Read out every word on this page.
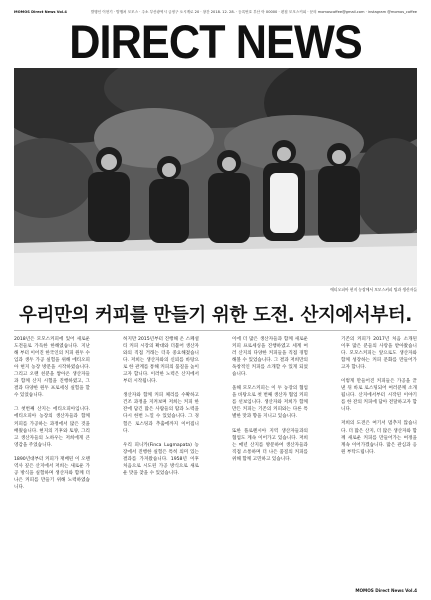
MOMOS Direct News Vol.4	발행인 이현기 · 발행처 모모스 · 주소 부산광역시 금정구 오시게로 20 · 창간 2018. 12. 28. · 등록번호 부산 아 00000 · 편집 모모스커피 · 문의 momoscoffee@gmail.com · instagram @momos_coffee
DIRECT NEWS
에티오피아 현지 농장에서 모모스커피 팀과 생산자들
우리만의 커피를 만들기 위한 도전. 산지에서부터.

2018년은 모모스커피에 있어 새로운 도전들로 가득한 한해였습니다. 지난해 부터 이어진 한국인의 커피 원두 수입과 생두 가공 실험을 위해 에티오피아 현지 농장 방문을 시작하였습니다. 그리고 오랜 친분을 쌓아온 생산자들과 함께 산지 시험을 진행하였고, 그 결과 다양한 원두 프로세싱 실험을 할 수 있었습니다.

그 첫번째 산지는 에티오피아입니다. 에티오피아 농장의 생산자들과 함께 커피를 가공하는 과정에서 많은 것을 배웠습니다. 현지의 기후와 토양, 그리고 생산자들의 노하우는 저희에게 큰 영감을 주었습니다.

1890년대부터 커피가 재배된 이 오랜 역사 깊은 산지에서 저희는 새로운 가공 방식을 실험하며 생산자와 함께 더 나은 커피를 만들기 위해 노력하였습니다.

허지만 2015년부터 진행해 온 스페셜티 커피 시장의 확대와 더불어 생산자와의 직접 거래는 더욱 중요해졌습니다. 저희는 생산자와의 신뢰를 바탕으로 한 관계를 통해 커피의 품질을 높이고자 합니다. 이러한 노력은 산지에서부터 시작됩니다.

생산자와 함께 커피 체리를 수확하고 건조 과정을 지켜보며 저희는 커피 한 잔에 담긴 많은 사람들의 땀과 노력을 다시 한번 느낄 수 있었습니다. 그 경험은 로스팅과 추출에까지 이어집니다.

우리 피니카(Finca Lugmapata) 농장에서 진행한 실험은 특히 의미 있는 결과를 가져왔습니다. 1958년 이후 처음으로 시도된 가공 방식으로 새로운 맛을 찾을 수 있었습니다.

이에 더 많은 생산자들과 함께 새로운 커피 프로세싱을 진행하였고 세계 여러 산지의 다양한 커피들을 직접 경험해볼 수 있었습니다. 그 결과 저희만의 독창적인 커피를 소개할 수 있게 되었습니다.

올해 모모스커피는 이 두 농장의 협업을 바탕으로 첫 번째 생산자 협업 커피를 선보입니다. 생산자와 저희가 함께 만든 커피는 기존의 커피와는 다른 특별한 맛과 향을 지니고 있습니다.

또한 플로렌시아 지역 생산자들과의 협업도 계속 이어가고 있습니다. 저희는 매년 산지를 방문하여 생산자들과 직접 소통하며 더 나은 품질의 커피를 위해 함께 고민하고 있습니다.

기존의 커피가 2017년 처음 소개된 이후 많은 분들의 사랑을 받아왔습니다. 모모스커피는 앞으로도 생산자와 함께 성장하는 커피 문화를 만들어가고자 합니다.

이렇게 만들어진 커피들은 가공을 끝낸 뒤 바로 로스팅되어 여러분께 소개됩니다. 산지에서부터 시작된 이야기를 한 잔의 커피에 담아 전달하고자 합니다.

저희의 도전은 여기서 멈추지 않습니다. 더 많은 산지, 더 많은 생산자와 함께 새로운 커피를 만들어가는 여정을 계속 이어가겠습니다. 많은 관심과 응원 부탁드립니다.

MOMOS Direct News Vol.4
